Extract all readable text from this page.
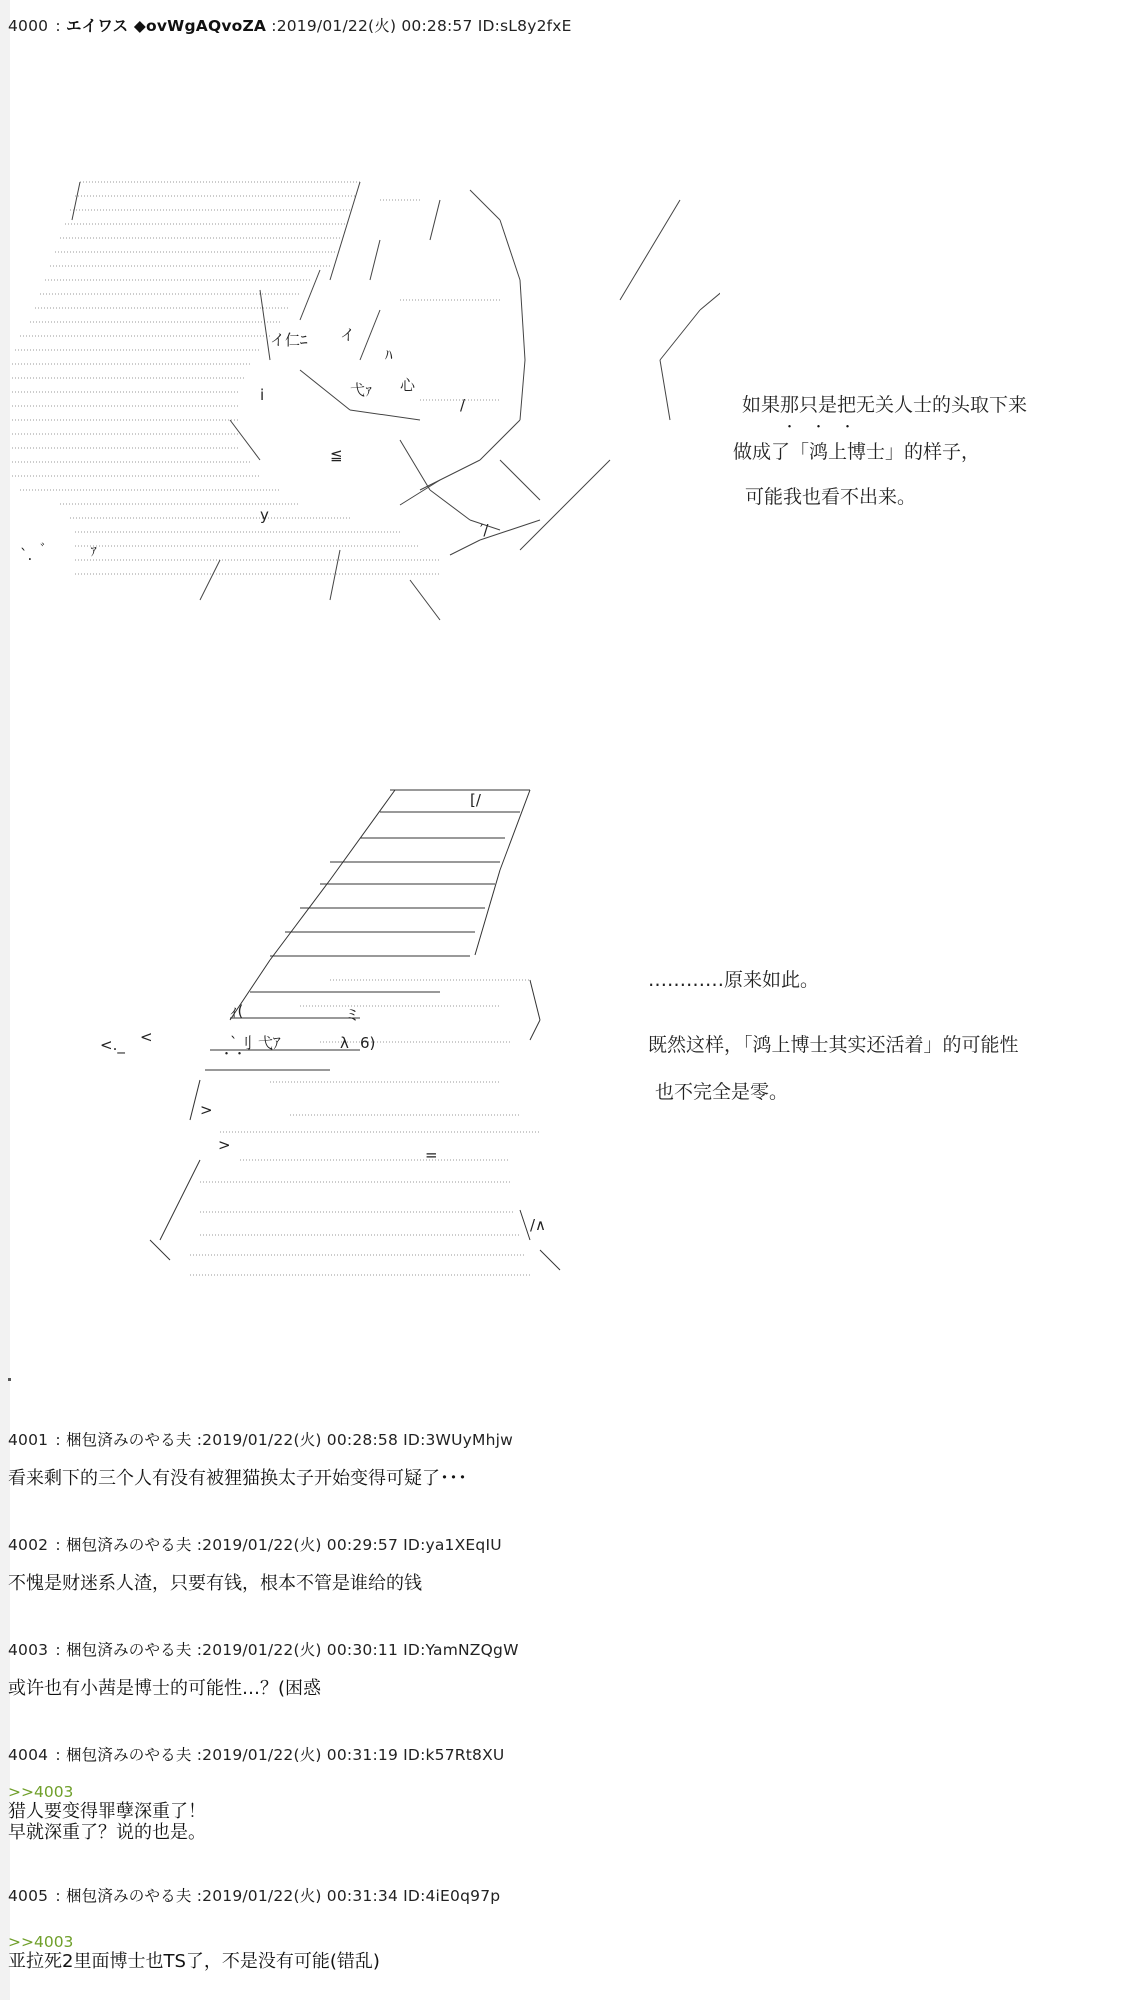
4000 : エイワス ◆ovWgAQvoZA :2019/01/22(火) 00:28:57 ID:sL8y2fxE
イ仁ﾆ イ
ﾊ
i	弋ｧ 心
/
≦
y
′/
ﾞ	ｧ
`.
・・・
如果那只是把无关人士的头取下来
做成了「鸿上博士」的样子，
可能我也看不出来。
[/
ｨ(
<	`刂 弋ｱ	λ 6)
ミ
<._
>
>
=
/∧
・・
…………原来如此。
既然这样，「鸿上博士其实还活着」的可能性
也不完全是零。
4001 : 梱包済みのやる夫 :2019/01/22(火) 00:28:58 ID:3WUyMhjw
看来剩下的三个人有没有被狸猫换太子开始变得可疑了･･･
4002 : 梱包済みのやる夫 :2019/01/22(火) 00:29:57 ID:ya1XEqIU
不愧是财迷系人渣，只要有钱，根本不管是谁给的钱
4003 : 梱包済みのやる夫 :2019/01/22(火) 00:30:11 ID:YamNZQgW
或许也有小茜是博士的可能性…？(困惑
4004 : 梱包済みのやる夫 :2019/01/22(火) 00:31:19 ID:k57Rt8XU
>>4003
猎人要变得罪孽深重了！
早就深重了？说的也是。
4005 : 梱包済みのやる夫 :2019/01/22(火) 00:31:34 ID:4iE0q97p
>>4003
亚拉死2里面博士也TS了，不是没有可能(错乱)
